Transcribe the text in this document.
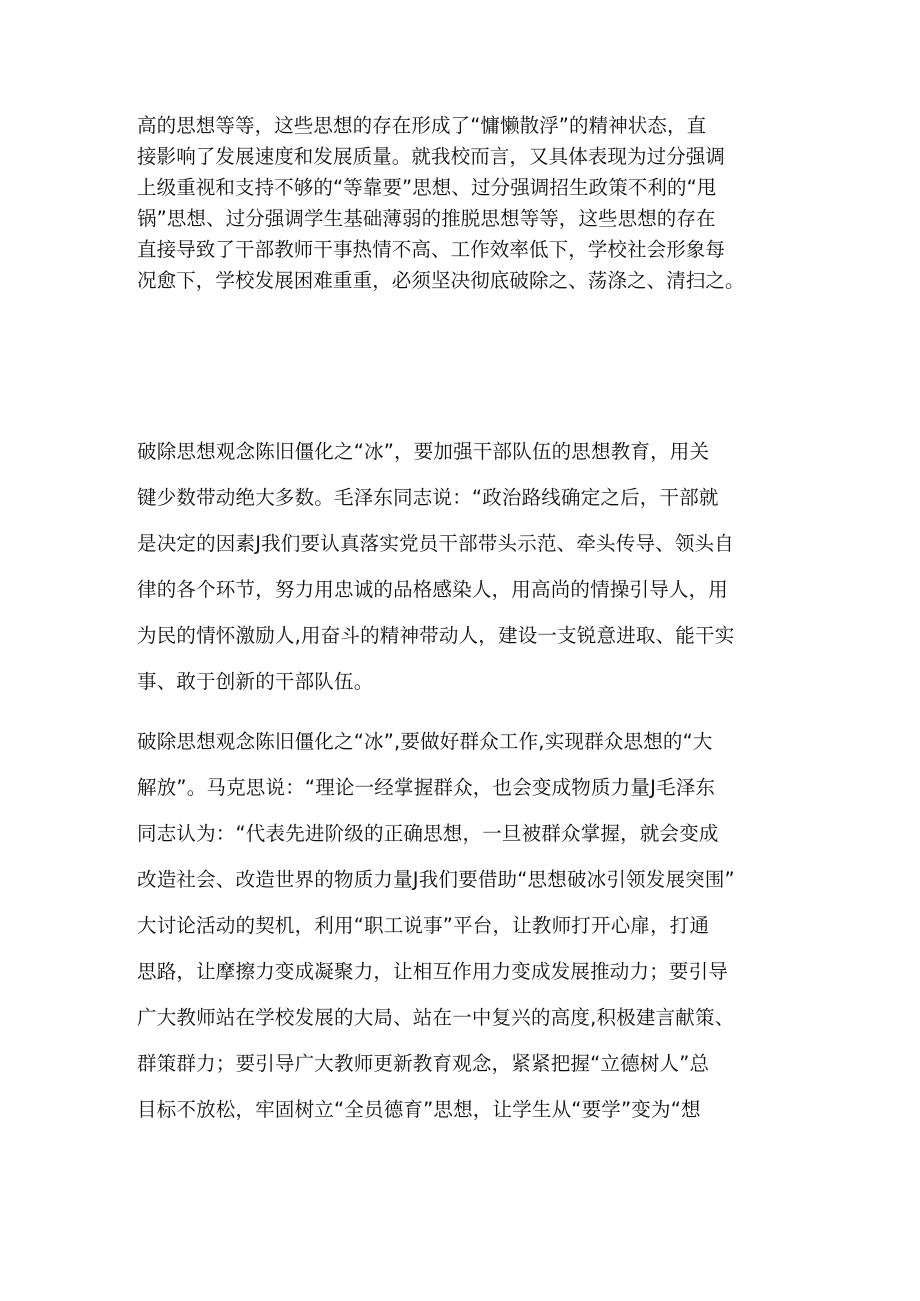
高的思想等等，这些思想的存在形成了“慵懒散浮”的精神状态，直

接影响了发展速度和发展质量。就我校而言，又具体表现为过分强调

上级重视和支持不够的“等靠要”思想、过分强调招生政策不利的“甩

锅”思想、过分强调学生基础薄弱的推脱思想等等，这些思想的存在

直接导致了干部教师干事热情不高、工作效率低下，学校社会形象每

况愈下，学校发展困难重重，必须坚决彻底破除之、荡涤之、清扫之。

破除思想观念陈旧僵化之“冰”，要加强干部队伍的思想教育，用关

键少数带动绝大多数。毛泽东同志说：“政治路线确定之后，干部就

是决定的因素J我们要认真落实党员干部带头示范、牵头传导、领头自

律的各个环节，努力用忠诚的品格感染人，用高尚的情操引导人，用

为民的情怀激励人,用奋斗的精神带动人，建设一支锐意进取、能干实

事、敢于创新的干部队伍。

破除思想观念陈旧僵化之“冰”,要做好群众工作,实现群众思想的“大

解放”。马克思说：“理论一经掌握群众，也会变成物质力量J毛泽东

同志认为：“代表先进阶级的正确思想，一旦被群众掌握，就会变成

改造社会、改造世界的物质力量J我们要借助“思想破冰引领发展突围”

大讨论活动的契机，利用“职工说事”平台，让教师打开心扉，打通

思路，让摩擦力变成凝聚力，让相互作用力变成发展推动力；要引导

广大教师站在学校发展的大局、站在一中复兴的高度,积极建言献策、

群策群力；要引导广大教师更新教育观念，紧紧把握“立德树人”总

目标不放松，牢固树立“全员德育”思想，让学生从“要学”变为“想
